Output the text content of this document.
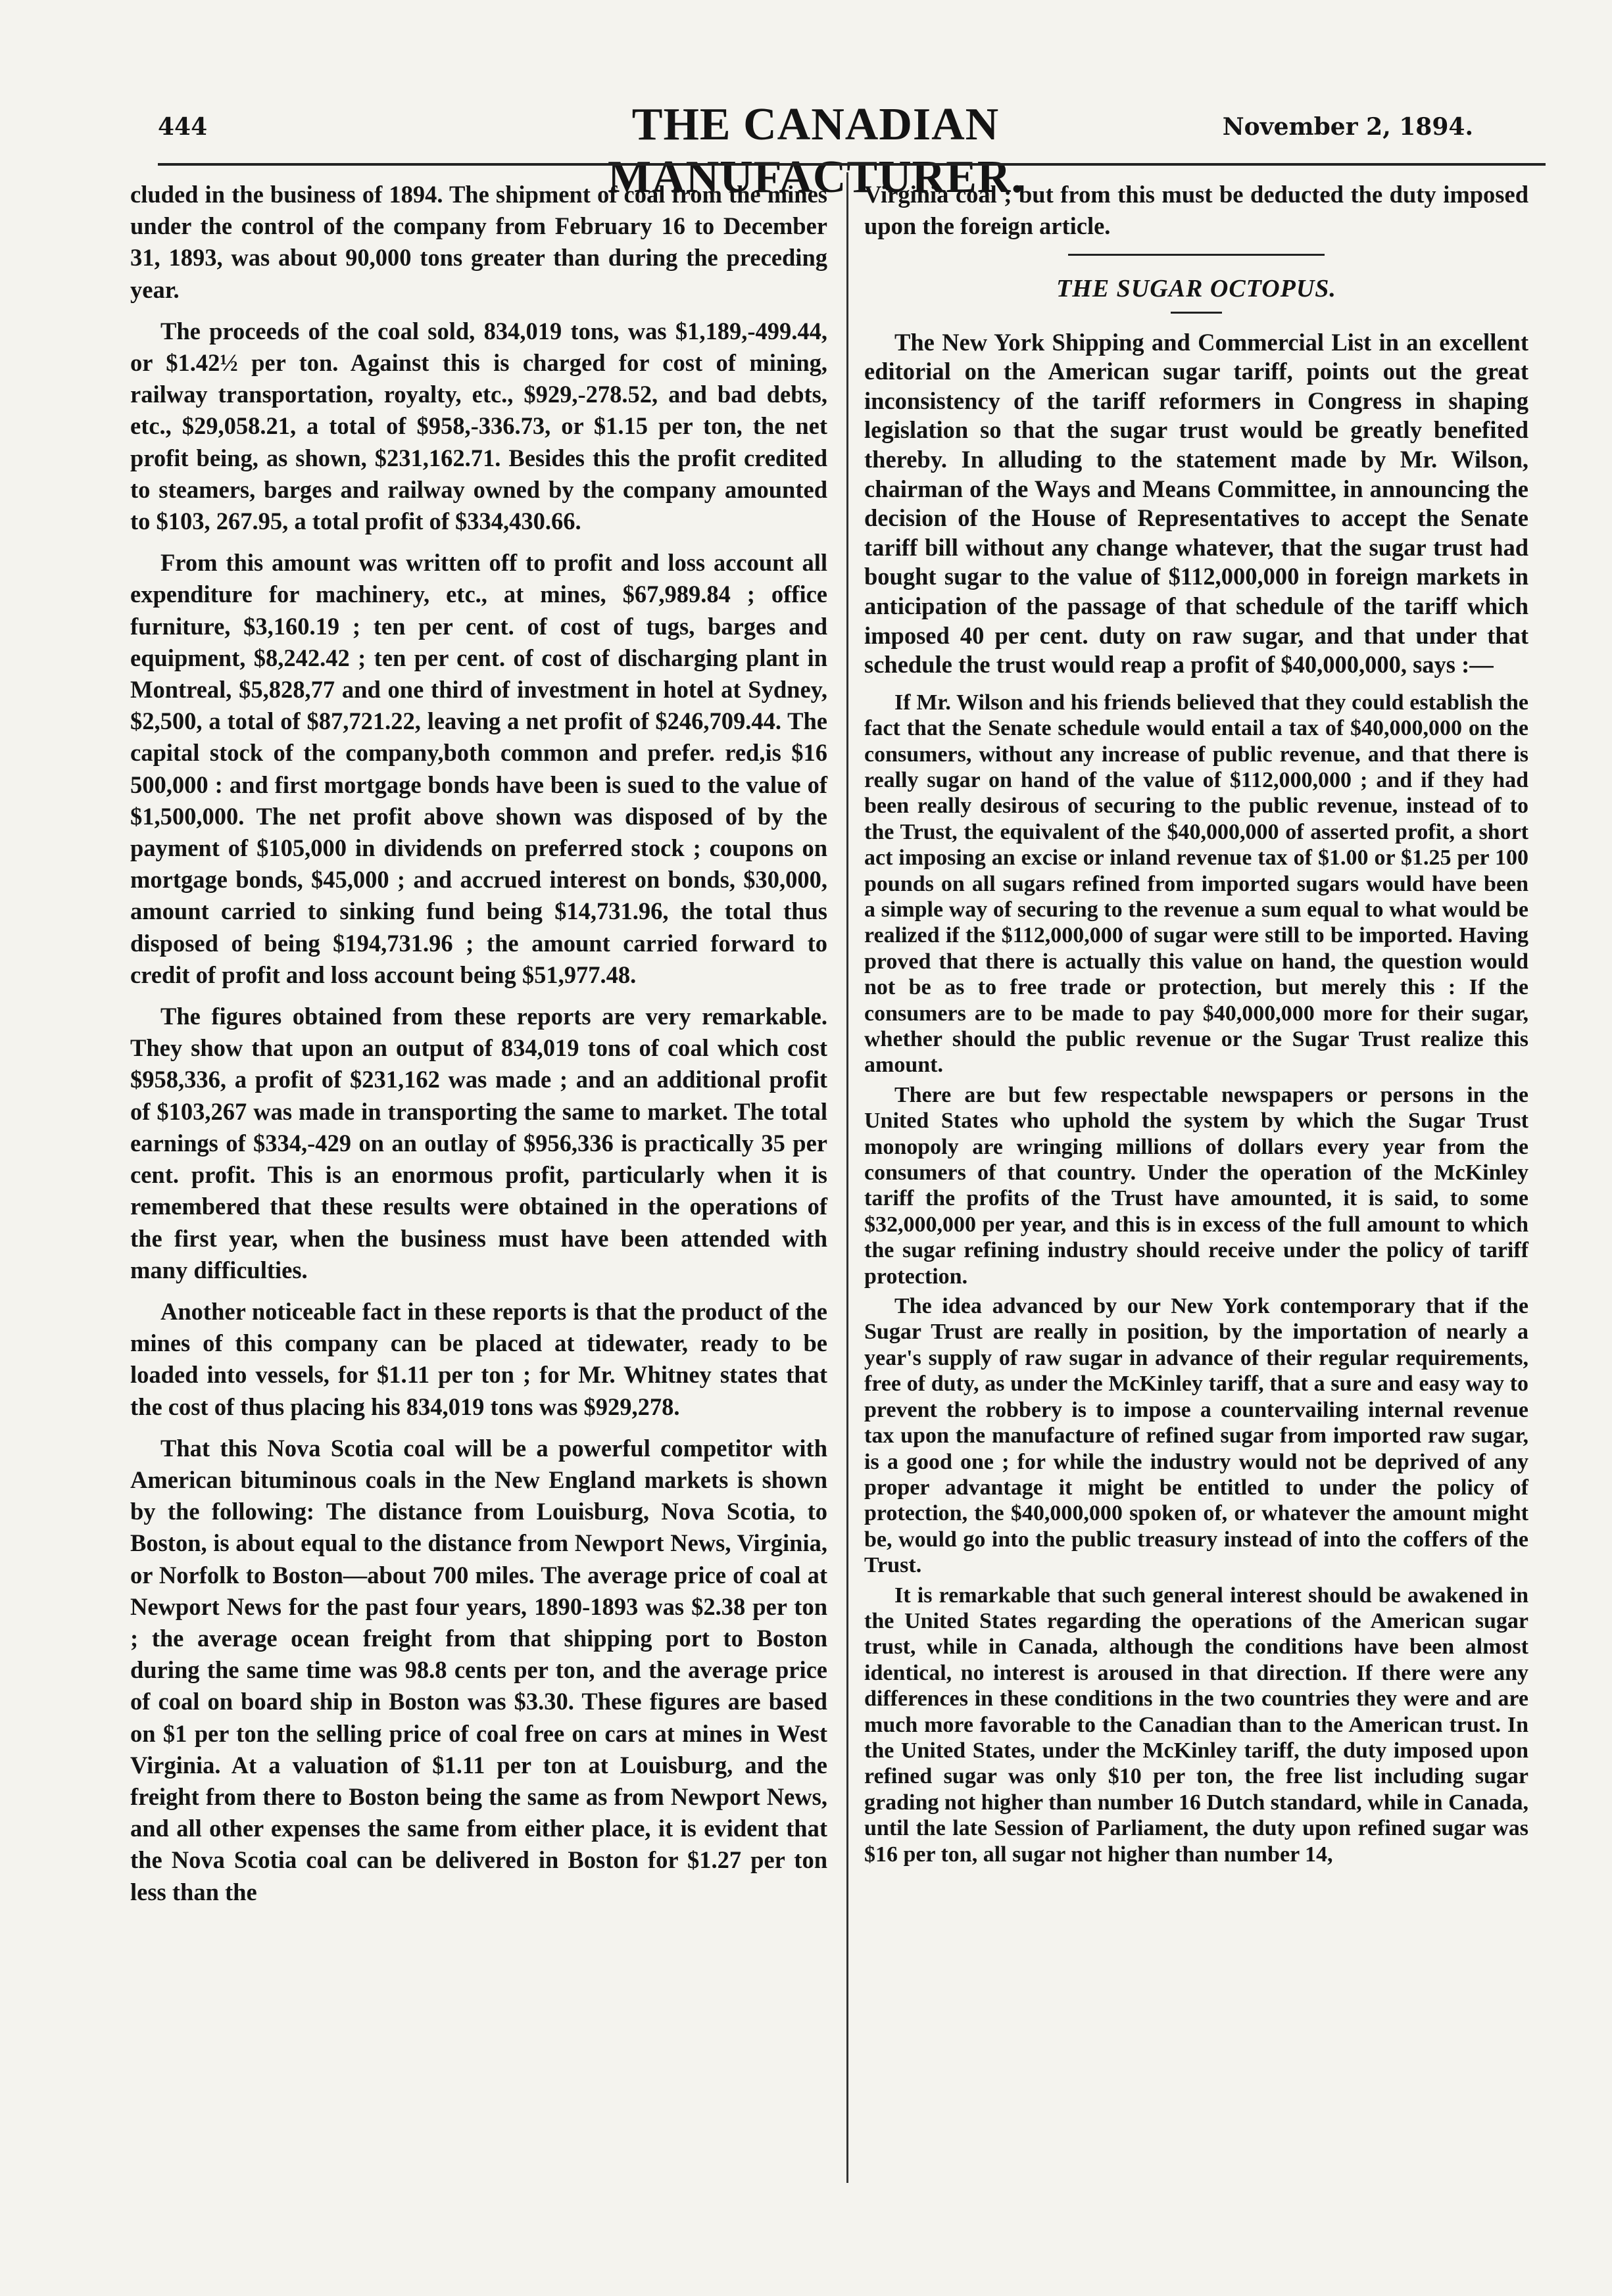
444	THE CANADIAN MANUFACTURER.
November 2, 1894.

cluded in the business of 1894. The shipment of coal from the mines under the control of the company from February 16 to December 31, 1893, was about 90,000 tons greater than during the preceding year.

The proceeds of the coal sold, 834,019 tons, was $1,189,-499.44, or $1.42½ per ton. Against this is charged for cost of mining, railway transportation, royalty, etc., $929,-278.52, and bad debts, etc., $29,058.21, a total of $958,-336.73, or $1.15 per ton, the net profit being, as shown, $231,162.71. Besides this the profit credited to steamers, barges and railway owned by the company amounted to $103, 267.95, a total profit of $334,430.66.

From this amount was written off to profit and loss account all expenditure for machinery, etc., at mines, $67,989.84 ; office furniture, $3,160.19 ; ten per cent. of cost of tugs, barges and equipment, $8,242.42 ; ten per cent. of cost of discharging plant in Montreal, $5,828,77 and one third of investment in hotel at Sydney, $2,500, a total of $87,721.22, leaving a net profit of $246,709.44. The capital stock of the company,both common and prefer. red,is $16 500,000 : and first mortgage bonds have been is sued to the value of $1,500,000. The net profit above shown was disposed of by the payment of $105,000 in dividends on preferred stock ; coupons on mortgage bonds, $45,000 ; and accrued interest on bonds, $30,000, amount carried to sinking fund being $14,731.96, the total thus disposed of being $194,731.96 ; the amount carried forward to credit of profit and loss account being $51,977.48.

The figures obtained from these reports are very remarkable. They show that upon an output of 834,019 tons of coal which cost $958,336, a profit of $231,162 was made ; and an additional profit of $103,267 was made in transporting the same to market. The total earnings of $334,-429 on an outlay of $956,336 is practically 35 per cent. profit. This is an enormous profit, particularly when it is remembered that these results were obtained in the operations of the first year, when the business must have been attended with many difficulties.

Another noticeable fact in these reports is that the product of the mines of this company can be placed at tidewater, ready to be loaded into vessels, for $1.11 per ton ; for Mr. Whitney states that the cost of thus placing his 834,019 tons was $929,278.

That this Nova Scotia coal will be a powerful competitor with American bituminous coals in the New England markets is shown by the following: The distance from Louisburg, Nova Scotia, to Boston, is about equal to the distance from Newport News, Virginia, or Norfolk to Boston—about 700 miles. The average price of coal at Newport News for the past four years, 1890-1893 was $2.38 per ton ; the average ocean freight from that shipping port to Boston during the same time was 98.8 cents per ton, and the average price of coal on board ship in Boston was $3.30. These figures are based on $1 per ton the selling price of coal free on cars at mines in West Virginia. At a valuation of $1.11 per ton at Louisburg, and the freight from there to Boston being the same as from Newport News, and all other expenses the same from either place, it is evident that the Nova Scotia coal can be delivered in Boston for $1.27 per ton less than the

Virginia coal ; but from this must be deducted the duty imposed upon the foreign article.

THE SUGAR OCTOPUS.

The New York Shipping and Commercial List in an excellent editorial on the American sugar tariff, points out the great inconsistency of the tariff reformers in Congress in shaping legislation so that the sugar trust would be greatly benefited thereby. In alluding to the statement made by Mr. Wilson, chairman of the Ways and Means Committee, in announcing the decision of the House of Representatives to accept the Senate tariff bill without any change whatever, that the sugar trust had bought sugar to the value of $112,000,000 in foreign markets in anticipation of the passage of that schedule of the tariff which imposed 40 per cent. duty on raw sugar, and that under that schedule the trust would reap a profit of $40,000,000, says :—

If Mr. Wilson and his friends believed that they could establish the fact that the Senate schedule would entail a tax of $40,000,000 on the consumers, without any increase of public revenue, and that there is really sugar on hand of the value of $112,000,000 ; and if they had been really desirous of securing to the public revenue, instead of to the Trust, the equivalent of the $40,000,000 of asserted profit, a short act imposing an excise or inland revenue tax of $1.00 or $1.25 per 100 pounds on all sugars refined from imported sugars would have been a simple way of securing to the revenue a sum equal to what would be realized if the $112,000,000 of sugar were still to be imported. Having proved that there is actually this value on hand, the question would not be as to free trade or protection, but merely this : If the consumers are to be made to pay $40,000,000 more for their sugar, whether should the public revenue or the Sugar Trust realize this amount.

There are but few respectable newspapers or persons in the United States who uphold the system by which the Sugar Trust monopoly are wringing millions of dollars every year from the consumers of that country. Under the operation of the McKinley tariff the profits of the Trust have amounted, it is said, to some $32,000,000 per year, and this is in excess of the full amount to which the sugar refining industry should receive under the policy of tariff protection.

The idea advanced by our New York contemporary that if the Sugar Trust are really in position, by the importation of nearly a year's supply of raw sugar in advance of their regular requirements, free of duty, as under the McKinley tariff, that a sure and easy way to prevent the robbery is to impose a countervailing internal revenue tax upon the manufacture of refined sugar from imported raw sugar, is a good one ; for while the industry would not be deprived of any proper advantage it might be entitled to under the policy of protection, the $40,000,000 spoken of, or whatever the amount might be, would go into the public treasury instead of into the coffers of the Trust.

It is remarkable that such general interest should be awakened in the United States regarding the operations of the American sugar trust, while in Canada, although the conditions have been almost identical, no interest is aroused in that direction. If there were any differences in these conditions in the two countries they were and are much more favorable to the Canadian than to the American trust. In the United States, under the McKinley tariff, the duty imposed upon refined sugar was only $10 per ton, the free list including sugar grading not higher than number 16 Dutch standard, while in Canada, until the late Session of Parliament, the duty upon refined sugar was $16 per ton, all sugar not higher than number 14,
